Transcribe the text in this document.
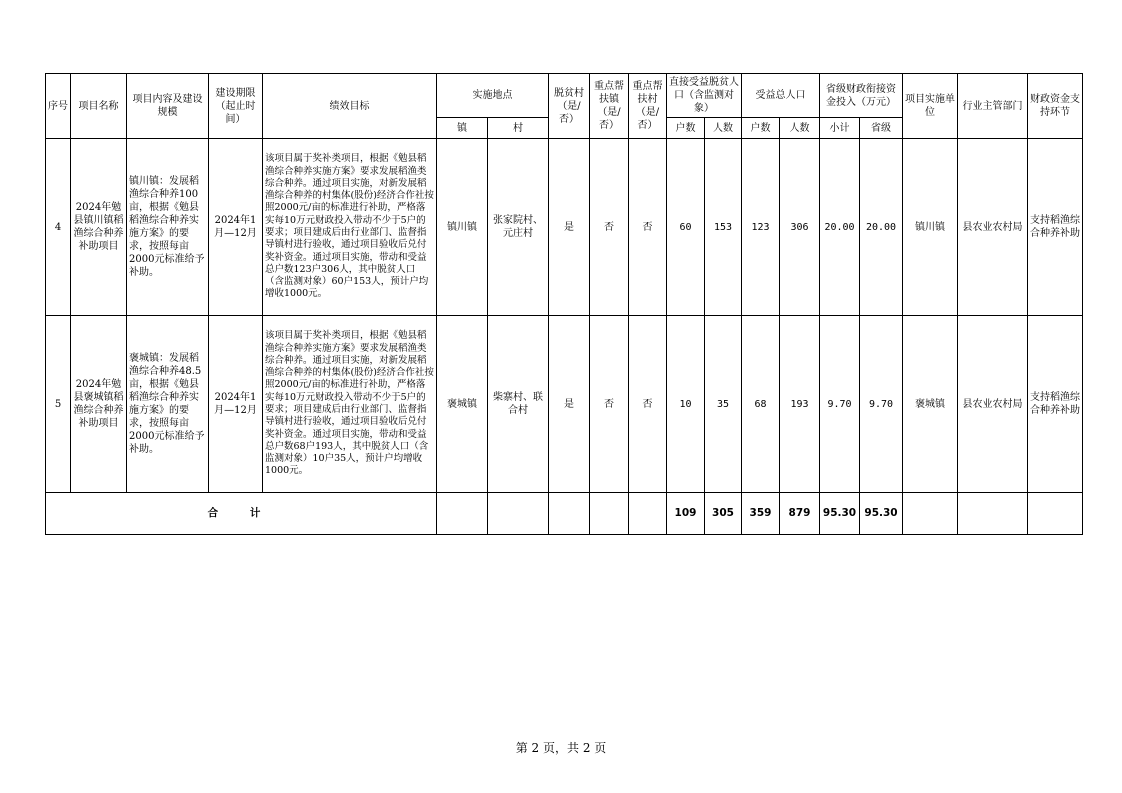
序号	项目名称	项目内容及建设规模	建设期限（起止时间）	绩效目标	实施地点		脱贫村（是/否）	重点帮扶镇（是/否）	重点帮扶村（是/否）	直接受益脱贫人口（含监测对象）		受益总人口		省级财政衔接资金投入（万元）		项目实施单位	行业主管部门	财政资金支持环节
					镇	村				户数	人数	户数	人数	小计	省级			
4	2024年勉县镇川镇稻渔综合种养补助项目	镇川镇：发展稻渔综合种养100亩，根据《勉县稻渔综合种养实施方案》的要求，按照每亩2000元标准给予补助。	2024年1月—12月	该项目属于奖补类项目，根据《勉县稻渔综合种养实施方案》要求发展稻渔类综合种养。通过项目实施，对新发展稻渔综合种养的村集体(股份)经济合作社按照2000元/亩的标准进行补助，严格落实每10万元财政投入带动不少于5户的要求；项目建成后由行业部门、监督指导镇村进行验收，通过项目验收后兑付奖补资金。通过项目实施，带动和受益总户数123户306人，其中脱贫人口（含监测对象）60户153人，预计户均增收1000元。	镇川镇	张家院村、元庄村	是	否	否	60	153	123	306	20.00	20.00	镇川镇	县农业农村局	支持稻渔综合种养补助
5	2024年勉县褒城镇稻渔综合种养补助项目	褒城镇：发展稻渔综合种养48.5亩，根据《勉县稻渔综合种养实施方案》的要求，按照每亩2000元标准给予补助。	2024年1月—12月	该项目属于奖补类项目，根据《勉县稻渔综合种养实施方案》要求发展稻渔类综合种养。通过项目实施，对新发展稻渔综合种养的村集体(股份)经济合作社按照2000元/亩的标准进行补助，严格落实每10万元财政投入带动不少于5户的要求；项目建成后由行业部门、监督指导镇村进行验收，通过项目验收后兑付奖补资金。通过项目实施，带动和受益总户数68户193人，其中脱贫人口（含监测对象）10户35人，预计户均增收1000元。	褒城镇	柴寨村、联合村	是	否	否	10	35	68	193	9.70	9.70	褒城镇	县农业农村局	支持稻渔综合种养补助
合 计										109	305	359	879	95.30	95.30			
第 2 页，共 2 页
